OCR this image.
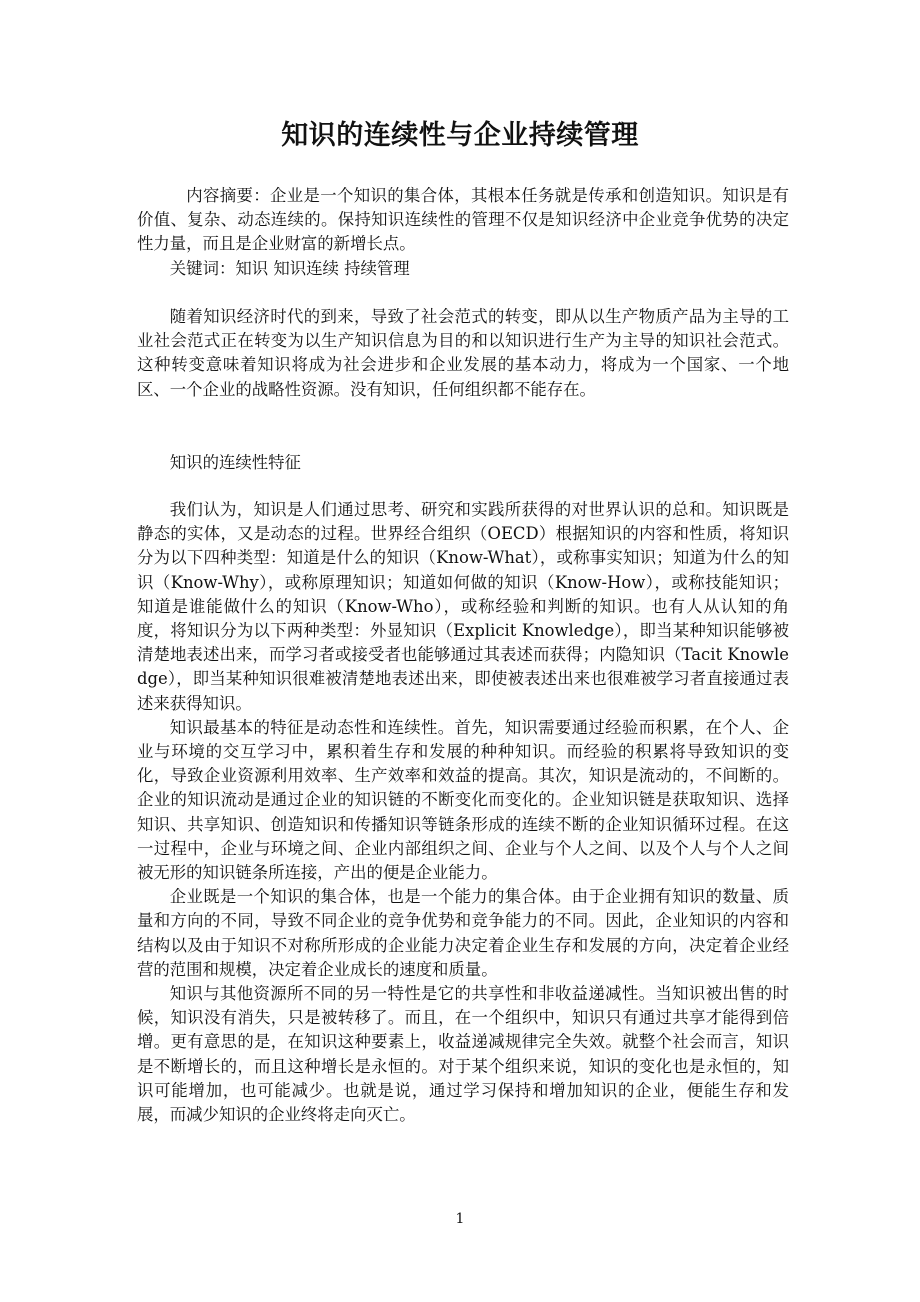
知识的连续性与企业持续管理

内容摘要：企业是一个知识的集合体，其根本任务就是传承和创造知识。知识是有价值、复杂、动态连续的。保持知识连续性的管理不仅是知识经济中企业竞争优势的决定性力量，而且是企业财富的新增长点。

关键词：知识 知识连续 持续管理

随着知识经济时代的到来，导致了社会范式的转变，即从以生产物质产品为主导的工业社会范式正在转变为以生产知识信息为目的和以知识进行生产为主导的知识社会范式。这种转变意味着知识将成为社会进步和企业发展的基本动力，将成为一个国家、一个地区、一个企业的战略性资源。没有知识，任何组织都不能存在。

知识的连续性特征

我们认为，知识是人们通过思考、研究和实践所获得的对世界认识的总和。知识既是静态的实体，又是动态的过程。世界经合组织（OECD）根据知识的内容和性质，将知识分为以下四种类型：知道是什么的知识（Know-What），或称事实知识；知道为什么的知识（Know-Why），或称原理知识；知道如何做的知识（Know-How），或称技能知识；知道是谁能做什么的知识（Know-Who），或称经验和判断的知识。也有人从认知的角度，将知识分为以下两种类型：外显知识（Explicit Knowledge），即当某种知识能够被清楚地表述出来，而学习者或接受者也能够通过其表述而获得；内隐知识（Tacit Knowledge），即当某种知识很难被清楚地表述出来，即使被表述出来也很难被学习者直接通过表述来获得知识。

知识最基本的特征是动态性和连续性。首先，知识需要通过经验而积累，在个人、企业与环境的交互学习中，累积着生存和发展的种种知识。而经验的积累将导致知识的变化，导致企业资源利用效率、生产效率和效益的提高。其次，知识是流动的，不间断的。企业的知识流动是通过企业的知识链的不断变化而变化的。企业知识链是获取知识、选择知识、共享知识、创造知识和传播知识等链条形成的连续不断的企业知识循环过程。在这一过程中，企业与环境之间、企业内部组织之间、企业与个人之间、以及个人与个人之间被无形的知识链条所连接，产出的便是企业能力。

企业既是一个知识的集合体，也是一个能力的集合体。由于企业拥有知识的数量、质量和方向的不同，导致不同企业的竞争优势和竞争能力的不同。因此，企业知识的内容和结构以及由于知识不对称所形成的企业能力决定着企业生存和发展的方向，决定着企业经营的范围和规模，决定着企业成长的速度和质量。

知识与其他资源所不同的另一特性是它的共享性和非收益递减性。当知识被出售的时候，知识没有消失，只是被转移了。而且，在一个组织中，知识只有通过共享才能得到倍增。更有意思的是，在知识这种要素上，收益递减规律完全失效。就整个社会而言，知识是不断增长的，而且这种增长是永恒的。对于某个组织来说，知识的变化也是永恒的，知识可能增加，也可能减少。也就是说，通过学习保持和增加知识的企业，便能生存和发展，而减少知识的企业终将走向灭亡。

1
